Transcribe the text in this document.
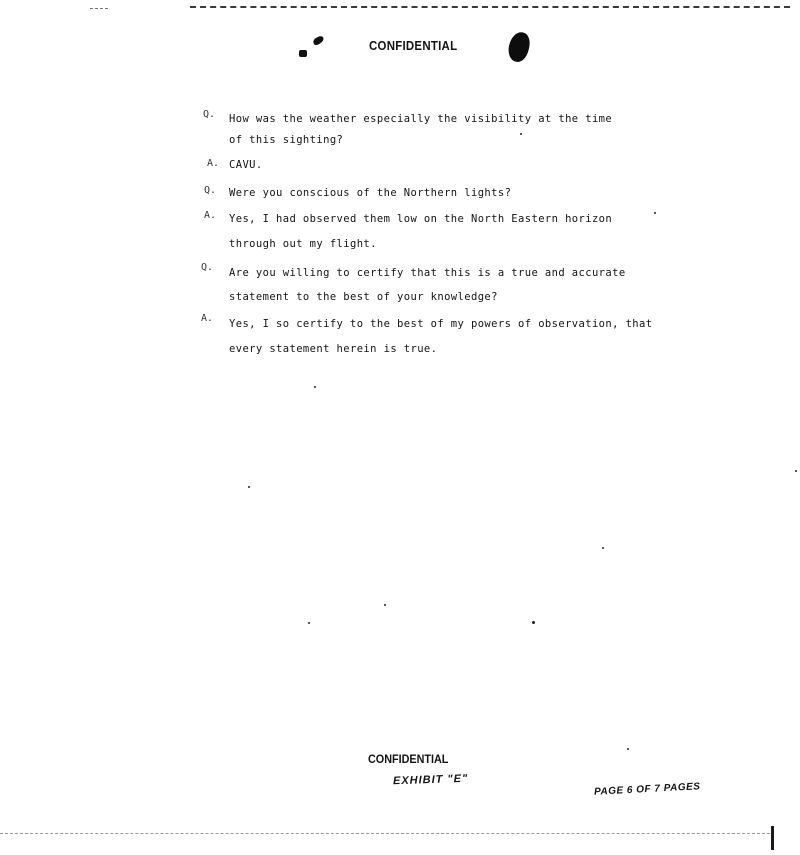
CONFIDENTIAL
Q.
A.
Q.
A.
Q.
A.
How was the weather especially the visibility at the time
of this sighting?
CAVU.
Were you conscious of the Northern lights?
Yes, I had observed them low on the North Eastern horizon
through out my flight.
Are you willing to certify that this is a true and accurate
statement to the best of your knowledge?
Yes, I so certify to the best of my powers of observation, that
every statement herein is true.
CONFIDENTIAL
EXHIBIT "E"
PAGE 6 OF 7 PAGES
